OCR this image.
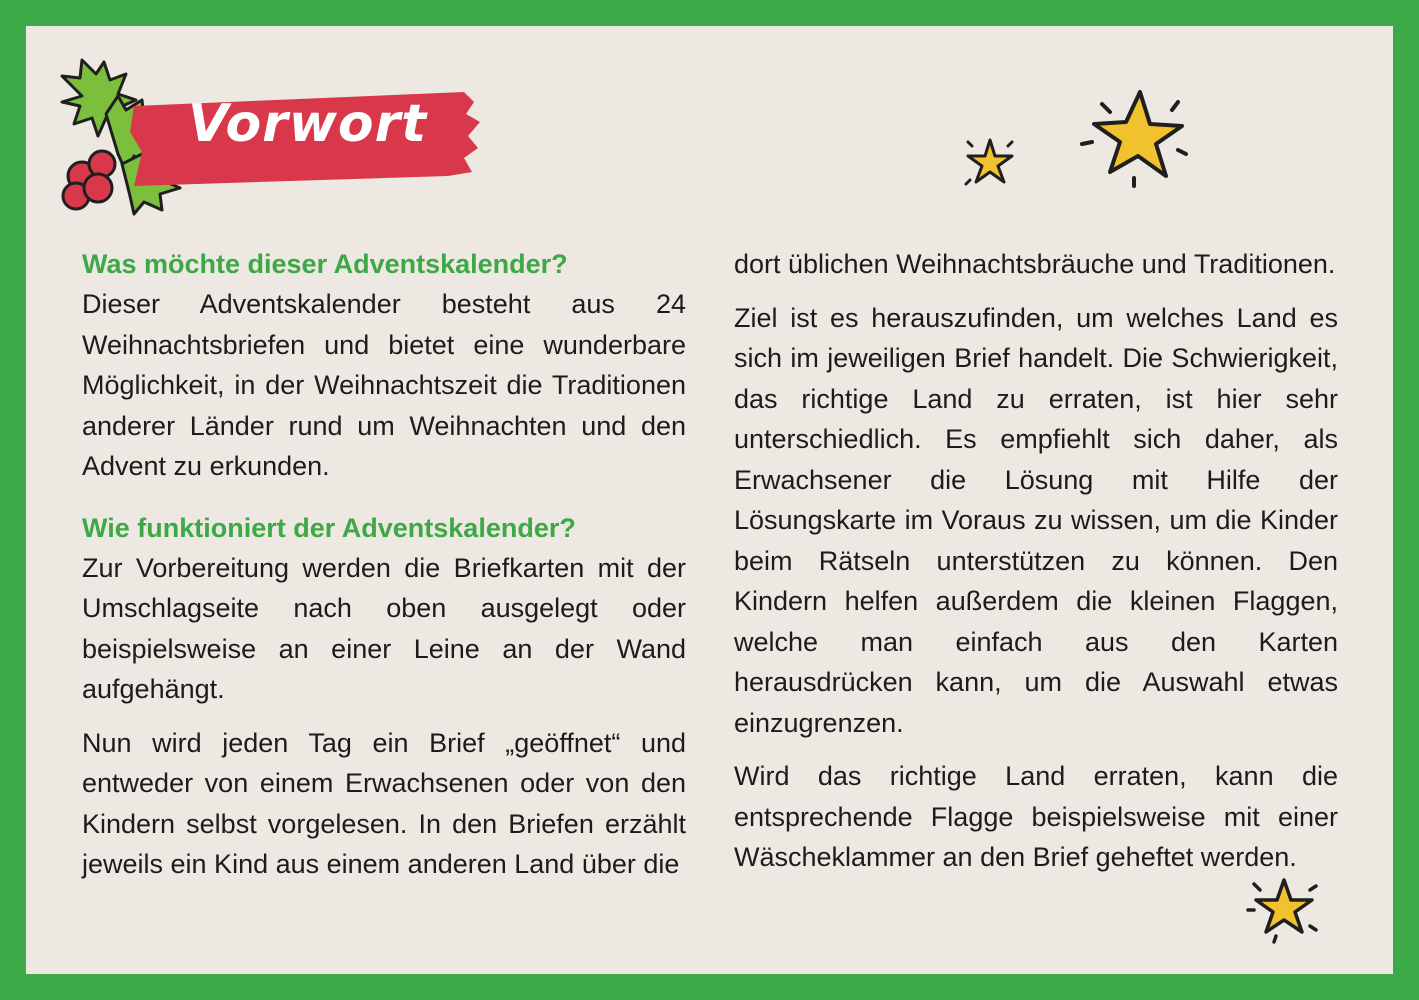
Vorwort
Was möchte dieser Adventskalender?

Dieser Adventskalender besteht aus 24 Weihnachtsbriefen und bietet eine wunderbare Möglichkeit, in der Weihnachtszeit die Traditionen anderer Länder rund um Weihnachten und den Advent zu erkunden.

Wie funktioniert der Adventskalender?

Zur Vorbereitung werden die Briefkarten mit der Umschlagseite nach oben ausgelegt oder beispielsweise an einer Leine an der Wand aufgehängt.

Nun wird jeden Tag ein Brief „geöffnet“ und entweder von einem Erwachsenen oder von den Kindern selbst vorgelesen. In den Briefen erzählt jeweils ein Kind aus einem anderen Land über die

dort üblichen Weihnachtsbräuche und Traditionen.

Ziel ist es herauszufinden, um welches Land es sich im jeweiligen Brief handelt. Die Schwierigkeit, das richtige Land zu erraten, ist hier sehr unterschiedlich. Es empfiehlt sich daher, als Erwachsener die Lösung mit Hilfe der Lösungskarte im Voraus zu wissen, um die Kinder beim Rätseln unterstützen zu können. Den Kindern helfen außerdem die kleinen Flaggen, welche man einfach aus den Karten herausdrücken kann, um die Auswahl etwas einzugrenzen.

Wird das richtige Land erraten, kann die entsprechende Flagge beispielsweise mit einer Wäscheklammer an den Brief geheftet werden.
